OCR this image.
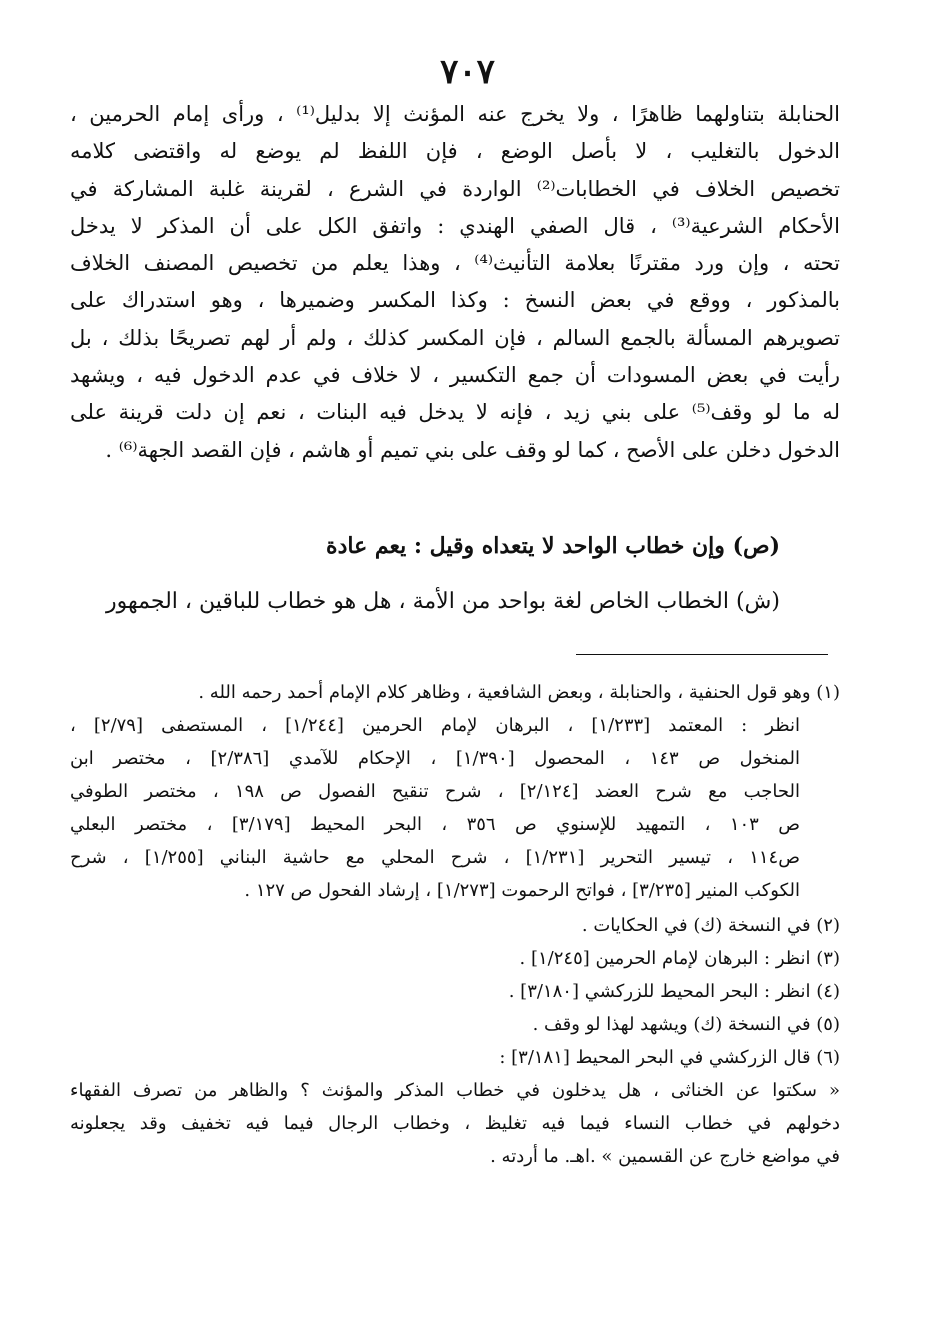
٧٠٧
الحنابلة بتناولهما ظاهرًا ، ولا يخرج عنه المؤنث إلا بدليل⁽¹⁾ ، ورأى إمام الحرمين ،
الدخول بالتغليب ، لا بأصل الوضع ، فإن اللفظ لم يوضع له واقتضى كلامه
تخصيص الخلاف في الخطابات⁽²⁾ الواردة في الشرع ، لقرينة غلبة المشاركة في
الأحكام الشرعية⁽³⁾ ، قال الصفي الهندي : واتفق الكل على أن المذكر لا يدخل
تحته ، وإن ورد مقترنًا بعلامة التأنيث⁽⁴⁾ ، وهذا يعلم من تخصيص المصنف الخلاف
بالمذكور ، ووقع في بعض النسخ : وكذا المكسر وضميرها ، وهو استدراك على
تصويرهم المسألة بالجمع السالم ، فإن المكسر كذلك ، ولم أر لهم تصريحًا بذلك ، بل
رأيت في بعض المسودات أن جمع التكسير ، لا خلاف في عدم الدخول فيه ، ويشهد
له ما لو وقف⁽⁵⁾ على بني زيد ، فإنه لا يدخل فيه البنات ، نعم إن دلت قرينة على
الدخول دخلن على الأصح ، كما لو وقف على بني تميم أو هاشم ، فإن القصد الجهة⁽⁶⁾ .
(ص) وإن خطاب الواحد لا يتعداه وقيل : يعم عادة
(ش) الخطاب الخاص لغة بواحد من الأمة ، هل هو خطاب للباقين ، الجمهور
(١) وهو قول الحنفية ، والحنابلة ، وبعض الشافعية ، وظاهر كلام الإمام أحمد رحمه الله .
انظر : المعتمد [١/٢٣٣] ، البرهان لإمام الحرمين [١/٢٤٤] ، المستصفى [٢/٧٩] ،
المنخول ص ١٤٣ ، المحصول [١/٣٩٠] ، الإحكام للآمدي [٢/٣٨٦] ، مختصر ابن
الحاجب مع شرح العضد [٢/١٢٤] ، شرح تنقيح الفصول ص ١٩٨ ، مختصر الطوفي
ص ١٠٣ ، التمهيد للإسنوي ص ٣٥٦ ، البحر المحيط [٣/١٧٩] ، مختصر البعلي
ص١١٤ ، تيسير التحرير [١/٢٣١] ، شرح المحلي مع حاشية البناني [١/٢٥٥] ، شرح
الكوكب المنير [٣/٢٣٥] ، فواتح الرحموت [١/٢٧٣] ، إرشاد الفحول ص ١٢٧ .
(٢) في النسخة (ك) في الحكايات .
(٣) انظر : البرهان لإمام الحرمين [١/٢٤٥] .
(٤) انظر : البحر المحيط للزركشي [٣/١٨٠] .
(٥) في النسخة (ك) ويشهد لهذا لو وقف .
(٦) قال الزركشي في البحر المحيط [٣/١٨١] :
« سكتوا عن الخناثى ، هل يدخلون في خطاب المذكر والمؤنث ؟ والظاهر من تصرف الفقهاء
دخولهم في خطاب النساء فيما فيه تغليظ ، وخطاب الرجال فيما فيه تخفيف وقد يجعلونه
في مواضع خارج عن القسمين » .اهـ. ما أردته .
